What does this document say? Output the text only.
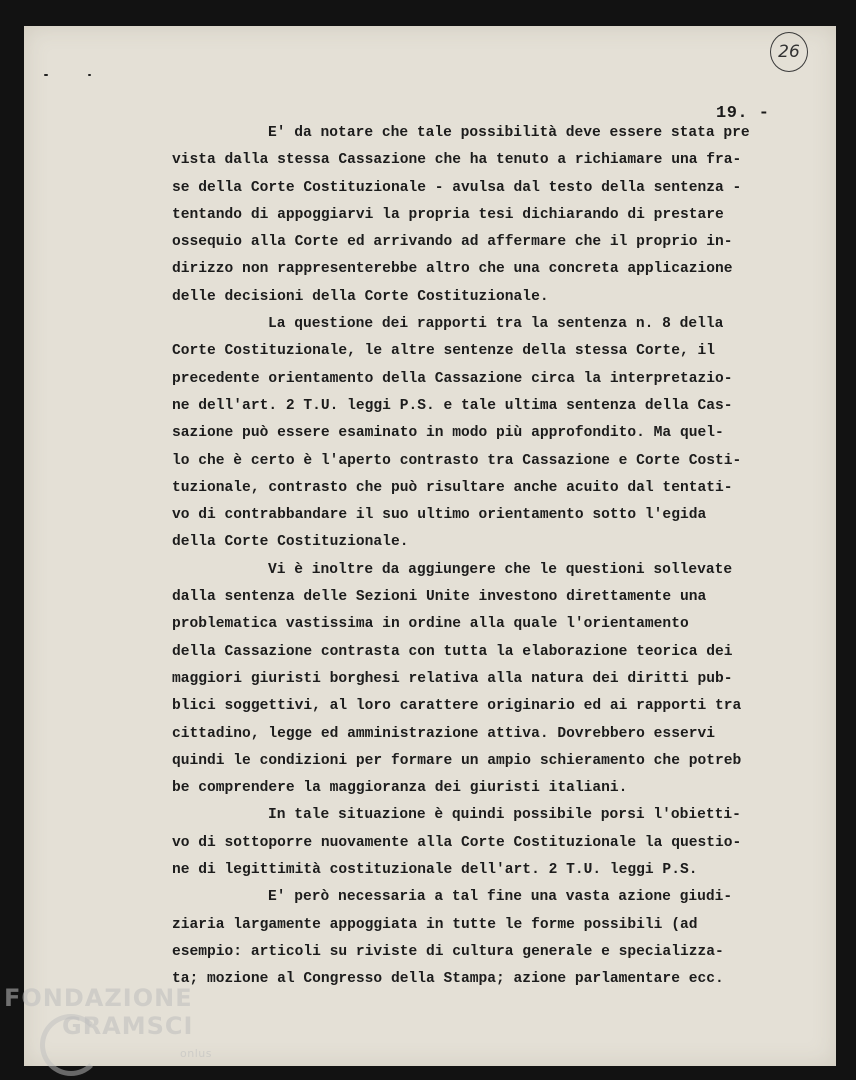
26
19. -
E' da notare che tale possibilità deve essere stata pre
vista dalla stessa Cassazione che ha tenuto a richiamare una fra-
se della Corte Costituzionale - avulsa dal testo della sentenza -
tentando di appoggiarvi la propria tesi dichiarando di prestare
ossequio alla Corte ed arrivando ad affermare che il proprio in-
dirizzo non rappresenterebbe altro che una concreta applicazione
delle decisioni della Corte Costituzionale.
La questione dei rapporti tra la sentenza n. 8 della
Corte Costituzionale, le altre sentenze della stessa Corte, il
precedente orientamento della Cassazione circa la interpretazio-
ne dell'art. 2 T.U. leggi P.S. e tale ultima sentenza della Cas-
sazione può essere esaminato in modo più approfondito. Ma quel-
lo che è certo è l'aperto contrasto tra Cassazione e Corte Costi-
tuzionale, contrasto che può risultare anche acuito dal tentati-
vo di contrabbandare il suo ultimo orientamento sotto l'egida
della Corte Costituzionale.
Vi è inoltre da aggiungere che le questioni sollevate
dalla sentenza delle Sezioni Unite investono direttamente una
problematica vastissima in ordine alla quale l'orientamento
della Cassazione contrasta con tutta la elaborazione teorica dei
maggiori giuristi borghesi relativa alla natura dei diritti pub-
blici soggettivi, al loro carattere originario ed ai rapporti tra
cittadino, legge ed amministrazione attiva. Dovrebbero esservi
quindi le condizioni per formare un ampio schieramento che potreb
be comprendere la maggioranza dei giuristi italiani.
In tale situazione è quindi possibile porsi l'obietti-
vo di sottoporre nuovamente alla Corte Costituzionale la questio-
ne di legittimità costituzionale dell'art. 2 T.U. leggi P.S.
E' però necessaria a tal fine una vasta azione giudi-
ziaria largamente appoggiata in tutte le forme possibili (ad
esempio: articoli su riviste di cultura generale e specializza-
ta; mozione al Congresso della Stampa; azione parlamentare ecc.
FONDAZIONE
GRAMSCI
onlus
